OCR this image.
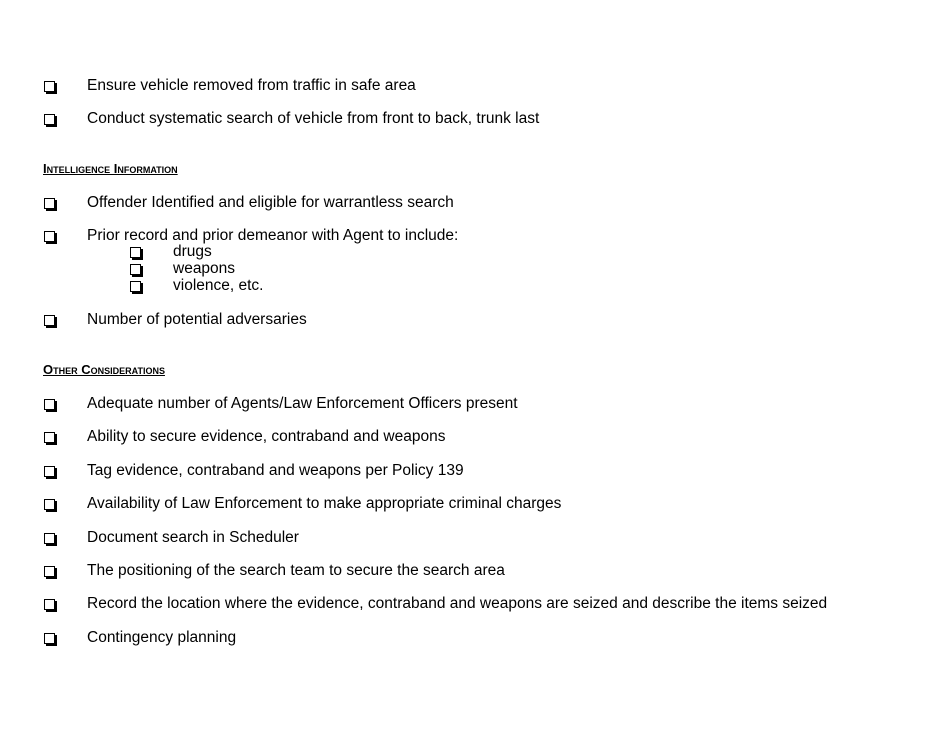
Ensure vehicle removed from traffic in safe area
Conduct systematic search of vehicle from front to back, trunk last
Intelligence Information
Offender Identified and eligible for warrantless search
Prior record and prior demeanor with Agent to include:
drugs
weapons
violence, etc.
Number of potential adversaries
Other Considerations
Adequate number of Agents/Law Enforcement Officers present
Ability to secure evidence, contraband and weapons
Tag evidence, contraband and weapons per Policy 139
Availability of Law Enforcement to make appropriate criminal charges
Document search in Scheduler
The positioning of the search team to secure the search area
Record the location where the evidence, contraband and weapons are seized and describe the items seized
Contingency planning
